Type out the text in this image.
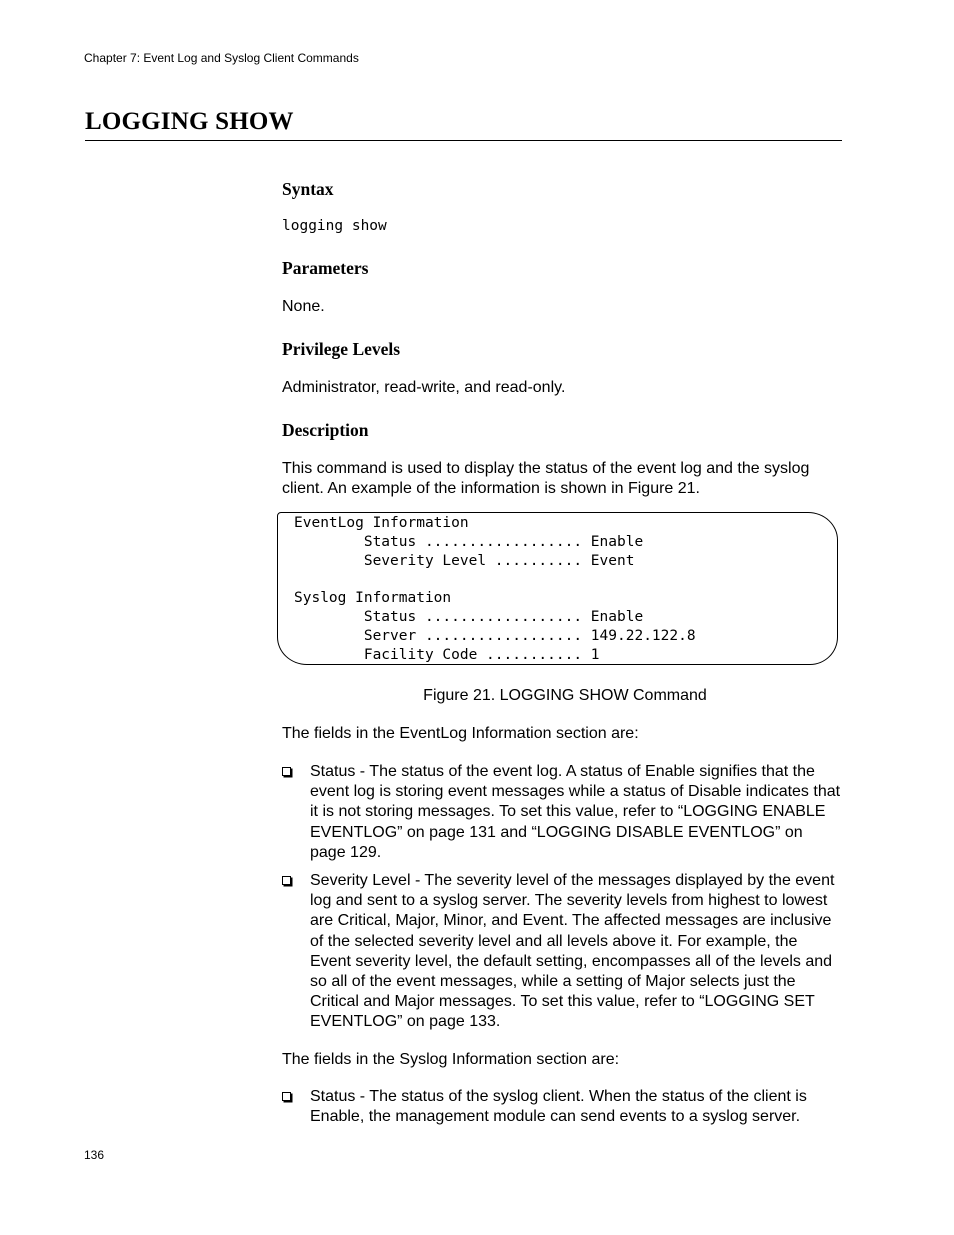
Chapter 7: Event Log and Syslog Client Commands
LOGGING SHOW
Syntax
logging show
Parameters

None.

Privilege Levels

Administrator, read-write, and read-only.

Description

This command is used to display the status of the event log and the syslog client. An example of the information is shown in Figure 21.

Figure 21. LOGGING SHOW Command

The fields in the EventLog Information section are:

Status - The status of the event log. A status of Enable signifies that the event log is storing event messages while a status of Disable indicates that it is not storing messages. To set this value, refer to “LOGGING ENABLE EVENTLOG” on page 131 and “LOGGING DISABLE EVENTLOG” on page 129.

Severity Level - The severity level of the messages displayed by the event log and sent to a syslog server. The severity levels from highest to lowest are Critical, Major, Minor, and Event. The affected messages are inclusive of the selected severity level and all levels above it. For example, the Event severity level, the default setting, encompasses all of the levels and so all of the event messages, while a setting of Major selects just the Critical and Major messages. To set this value, refer to “LOGGING SET EVENTLOG” on page 133.

The fields in the Syslog Information section are:

Status - The status of the syslog client. When the status of the client is Enable, the management module can send events to a syslog server.

EventLog Information
Status .................. Enable
Severity Level .......... Event

Syslog Information
Status .................. Enable
Server .................. 149.22.122.8
Facility Code ........... 1
136
